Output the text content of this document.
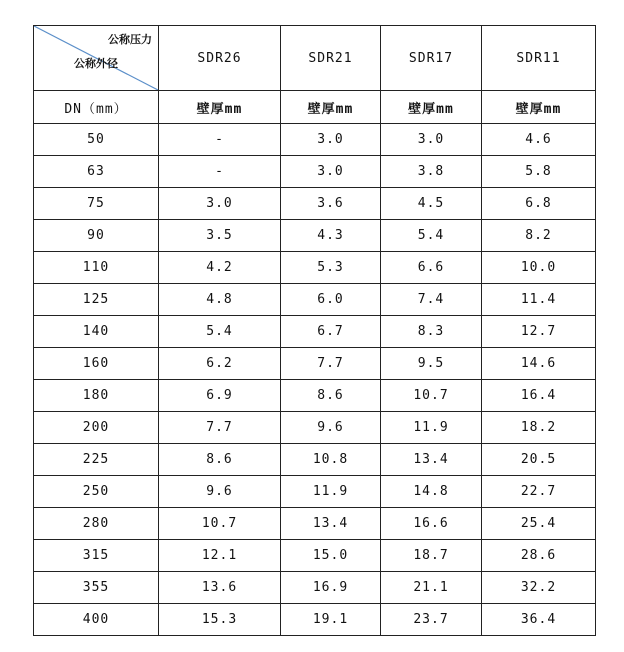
公称压力
公称外径	SDR26	SDR21	SDR17	SDR11
DN（mm）	壁厚mm	壁厚mm	壁厚mm	壁厚mm
50	-	3.0	3.0	4.6
63	-	3.0	3.8	5.8
75	3.0	3.6	4.5	6.8
90	3.5	4.3	5.4	8.2
110	4.2	5.3	6.6	10.0
125	4.8	6.0	7.4	11.4
140	5.4	6.7	8.3	12.7
160	6.2	7.7	9.5	14.6
180	6.9	8.6	10.7	16.4
200	7.7	9.6	11.9	18.2
225	8.6	10.8	13.4	20.5
250	9.6	11.9	14.8	22.7
280	10.7	13.4	16.6	25.4
315	12.1	15.0	18.7	28.6
355	13.6	16.9	21.1	32.2
400	15.3	19.1	23.7	36.4
